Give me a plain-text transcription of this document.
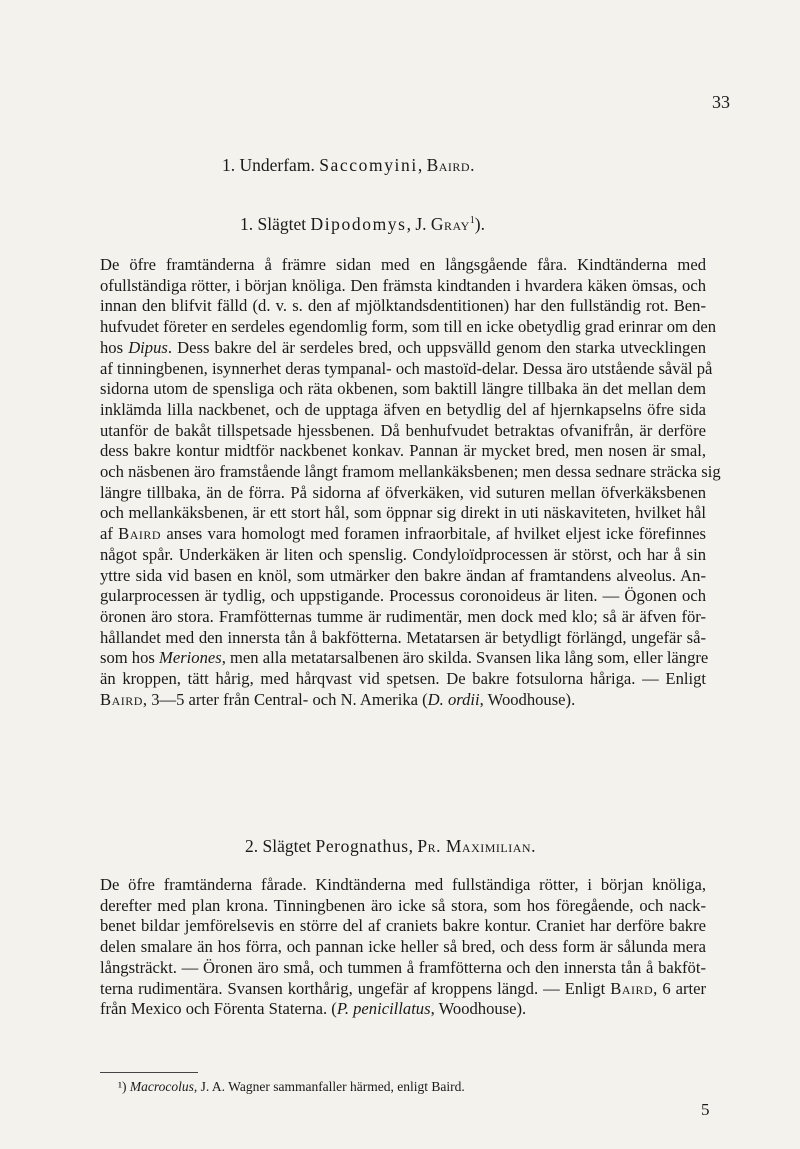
33
1. Underfam. Saccomyini, Baird.
1. Slägtet Dipodomys, J. Gray$^1$).
De öfre framtänderna å främre sidan med en långsgående fåra. Kindtänderna med
ofullständiga rötter, i början knöliga. Den främsta kindtanden i hvardera käken ömsas, och
innan den blifvit fälld (d. v. s. den af mjölktandsdentitionen) har den fullständig rot. Ben-
hufvudet företer en serdeles egendomlig form, som till en icke obetydlig grad erinrar om den
hos Dipus. Dess bakre del är serdeles bred, och uppsvälld genom den starka utvecklingen
af tinningbenen, isynnerhet deras tympanal- och mastoïd-delar. Dessa äro utstående såväl på
sidorna utom de spensliga och räta okbenen, som baktill längre tillbaka än det mellan dem
inklämda lilla nackbenet, och de upptaga äfven en betydlig del af hjernkapselns öfre sida
utanför de bakåt tillspetsade hjessbenen. Då benhufvudet betraktas ofvanifrån, är derföre
dess bakre kontur midtför nackbenet konkav. Pannan är mycket bred, men nosen är smal,
och näsbenen äro framstående långt framom mellankäksbenen; men dessa sednare sträcka sig
längre tillbaka, än de förra. På sidorna af öfverkäken, vid suturen mellan öfverkäksbenen
och mellankäksbenen, är ett stort hål, som öppnar sig direkt in uti näskaviteten, hvilket hål
af Baird anses vara homologt med foramen infraorbitale, af hvilket eljest icke förefinnes
något spår. Underkäken är liten och spenslig. Condyloïdprocessen är störst, och har å sin
yttre sida vid basen en knöl, som utmärker den bakre ändan af framtandens alveolus. An-
gularprocessen är tydlig, och uppstigande. Processus coronoideus är liten. — Ögonen och
öronen äro stora. Framfötternas tumme är rudimentär, men dock med klo; så är äfven för-
hållandet med den innersta tån å bakfötterna. Metatarsen är betydligt förlängd, ungefär så-
som hos Meriones, men alla metatarsalbenen äro skilda. Svansen lika lång som, eller längre
än kroppen, tätt hårig, med hårqvast vid spetsen. De bakre fotsulorna håriga. — Enligt
Baird, 3—5 arter från Central- och N. Amerika (D. ordii, Woodhouse).
2. Slägtet Perognathus, Pr. Maximilian.
De öfre framtänderna fårade. Kindtänderna med fullständiga rötter, i början knöliga,
derefter med plan krona. Tinningbenen äro icke så stora, som hos föregående, och nack-
benet bildar jemförelsevis en större del af craniets bakre kontur. Craniet har derföre bakre
delen smalare än hos förra, och pannan icke heller så bred, och dess form är sålunda mera
långsträckt. — Öronen äro små, och tummen å framfötterna och den innersta tån å bakföt-
terna rudimentära. Svansen korthårig, ungefär af kroppens längd. — Enligt Baird, 6 arter
från Mexico och Förenta Staterna. (P. penicillatus, Woodhouse).
¹) Macrocolus, J. A. Wagner sammanfaller härmed, enligt Baird.
5
